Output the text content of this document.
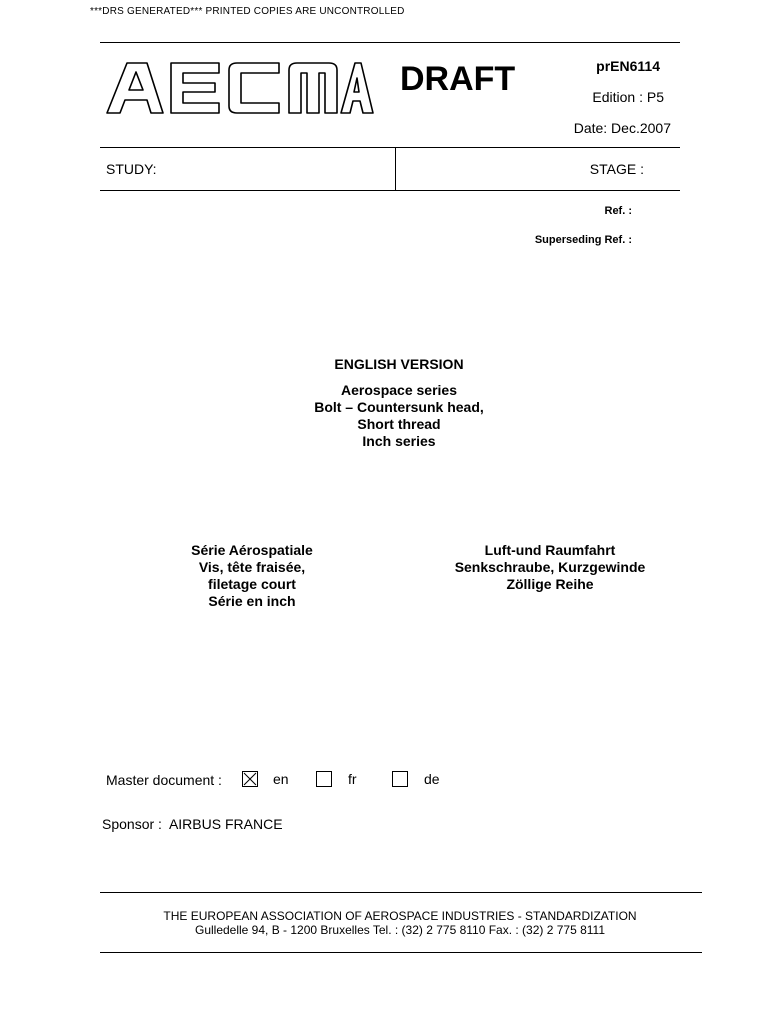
***DRS GENERATED*** PRINTED COPIES ARE UNCONTROLLED
DRAFT	prEN6114
Edition : P5
Date: Dec.2007
STUDY:	STAGE :
Ref. :
Superseding Ref. :
ENGLISH VERSION
Aerospace series
Bolt – Countersunk head,
Short thread
Inch series
Série Aérospatiale
Vis, tête fraisée,
filetage court
Série en inch
Luft-und Raumfahrt
Senkschraube, Kurzgewinde
Zöllige Reihe
Master document :	en	fr	de
Sponsor : AIRBUS FRANCE
THE EUROPEAN ASSOCIATION OF AEROSPACE INDUSTRIES - STANDARDIZATION
Gulledelle 94, B - 1200 Bruxelles Tel. : (32) 2 775 8110 Fax. : (32) 2 775 8111
